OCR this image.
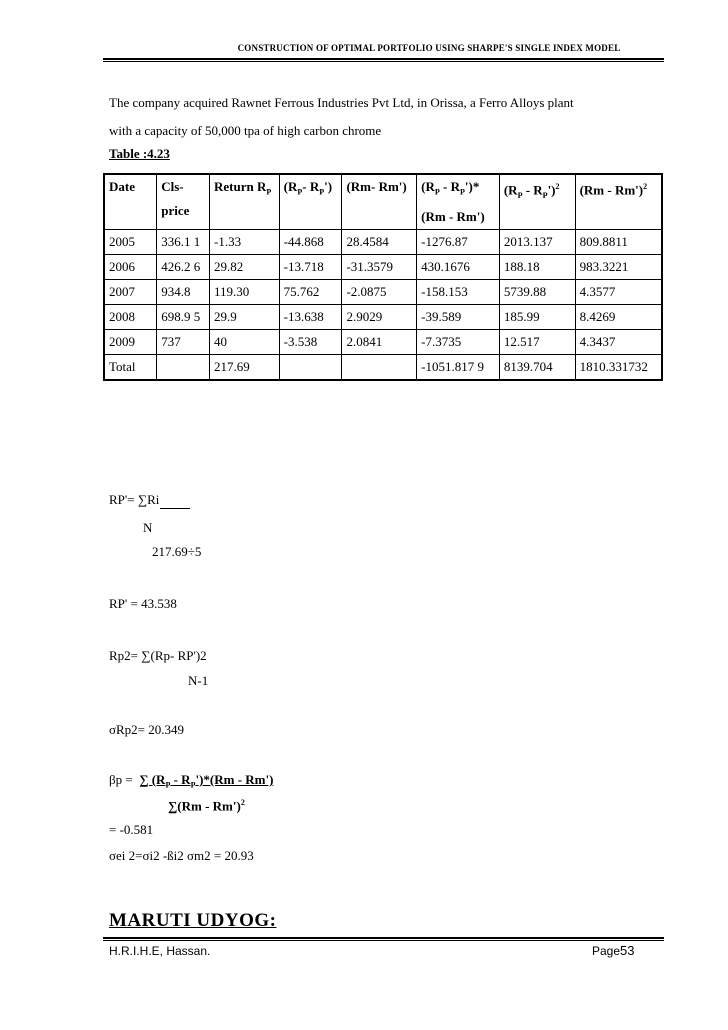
CONSTRUCTION OF OPTIMAL PORTFOLIO USING SHARPE'S SINGLE INDEX MODEL
The company acquired Rawnet Ferrous Industries Pvt Ltd, in Orissa, a Ferro Alloys plant
with a capacity of 50,000 tpa of high carbon chrome
Table :4.23
Date	Cls- price	Return $R_P$	($R_P-$ $R_P'$)	(Rm- Rm')	$(R_P - R_P')*$ (Rm - Rm')	$(R_P - R_P')^2$	(Rm - Rm')$^2$
2005	336.1 1	-1.33	-44.868	28.4584	-1276.87	2013.137	809.8811
2006	426.2 6	29.82	-13.718	-31.3579	430.1676	188.18	983.3221
2007	934.8	119.30	75.762	-2.0875	-158.153	5739.88	4.3577
2008	698.9 5	29.9	-13.638	2.9029	-39.589	185.99	8.4269
2009	737	40	-3.538	2.0841	-7.3735	12.517	4.3437
Total		217.69			-1051.817 9	8139.704	1810.331732
RP'= ∑Ri
N
217.69÷5
RP' = 43.538
Rp2= ∑(Rp- RP')2
N-1
σRp2= 20.349
βp = ∑ $(R_P - R_P')*(Rm - Rm')$
∑(Rm - Rm')$^2$
= -0.581
σei 2=σi2 -ßi2 σm2 = 20.93
MARUTI UDYOG:
H.R.I.H.E, Hassan.	Page53
